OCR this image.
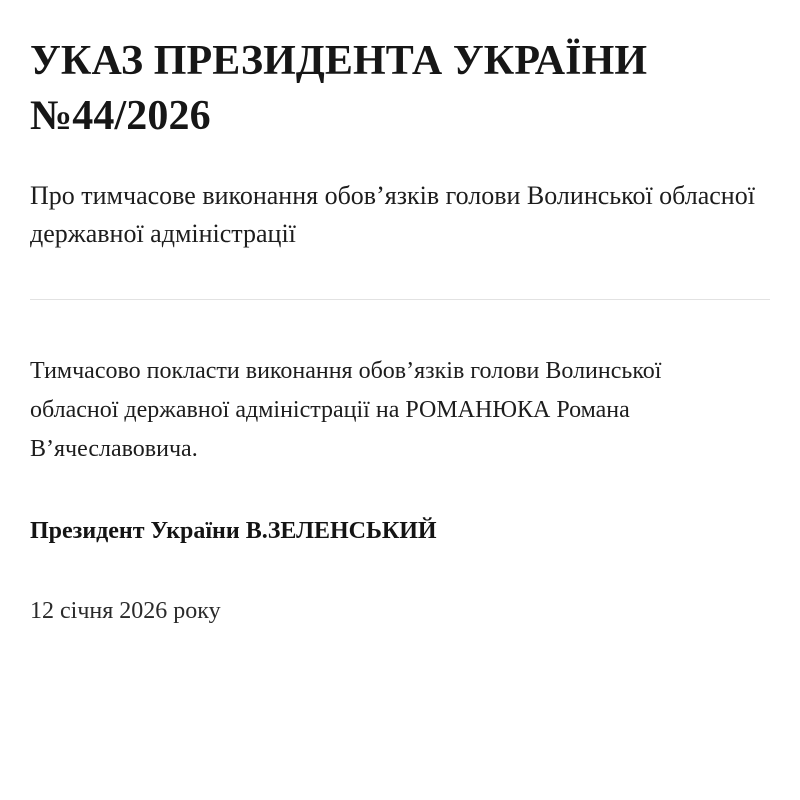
УКАЗ ПРЕЗИДЕНТА УКРАЇНИ №44/2026
Про тимчасове виконання обов’язків голови Волинської обласної державної адміністрації

Тимчасово покласти виконання обов’язків голови Волинської обласної державної адміністрації на РОМАНЮКА Романа В’ячеславовича.

Президент України В.ЗЕЛЕНСЬКИЙ

12 січня 2026 року
